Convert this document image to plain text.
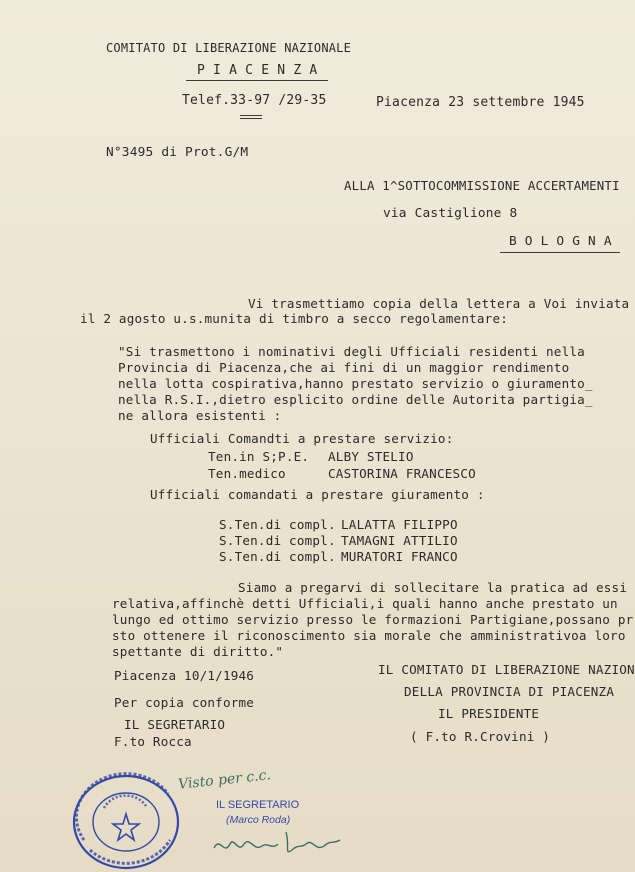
COMITATO DI LIBERAZIONE NAZIONALE
P I A C E N Z A
Telef.33-97 /29-35	Piacenza 23 settembre 1945
N°3495 di Prot.G/M
ALLA 1^SOTTOCOMMISSIONE ACCERTAMENTI
via Castiglione 8
B O L O G N A
Vi trasmettiamo copia della lettera a Voi inviata
il 2 agosto u.s.munita di timbro a secco regolamentare:
"Si trasmettono i nominativi degli Ufficiali residenti nella
Provincia di Piacenza,che ai fini di un maggior rendimento
nella lotta cospirativa,hanno prestato servizio o giuramento_
nella R.S.I.,dietro esplicito ordine delle Autorita partigia_
ne allora esistenti :
Ufficiali Comandti a prestare servizio:
Ten.in S;P.E. ALBY STELIO
Ten.medico	CASTORINA FRANCESCO
Ufficiali comandati a prestare giuramento :
S.Ten.di compl. LALATTA FILIPPO
S.Ten.di compl. TAMAGNI ATTILIO
S.Ten.di compl. MURATORI FRANCO
Siamo a pregarvi di sollecitare la pratica ad essi
relativa,affinchè detti Ufficiali,i quali hanno anche prestato un
lungo ed ottimo servizio presso le formazioni Partigiane,possano pr
sto ottenere il riconoscimento sia morale che amministrativoa loro
spettante di diritto."
Piacenza 10/1/1946
Per copia conforme
IL SEGRETARIO
F.to Rocca
IL COMITATO DI LIBERAZIONE NAZION
DELLA PROVINCIA DI PIACENZA
IL PRESIDENTE
( F.to R.Crovini )
Visto per c.c.
IL SEGRETARIO
(Marco Roda)
